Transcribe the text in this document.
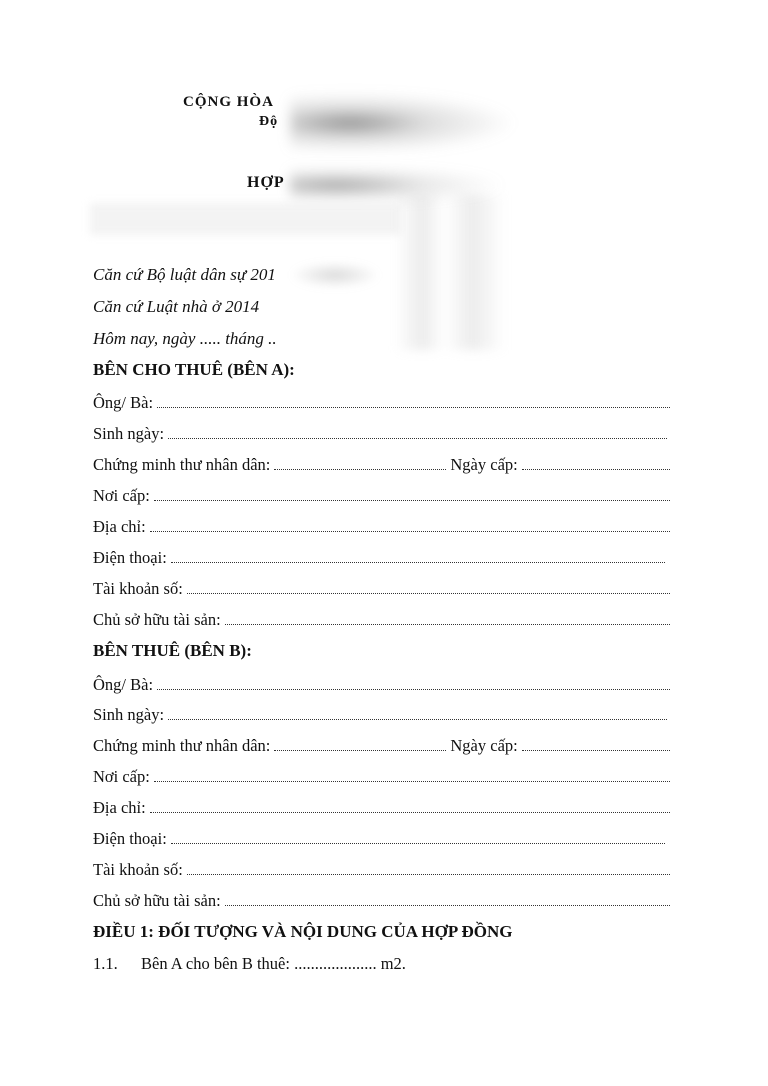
CỘNG HÒA
Độ
HỢP
Căn cứ Bộ luật dân sự 201
Căn cứ Luật nhà ở 2014
Hôm nay, ngày ..... tháng ..
BÊN CHO THUÊ (BÊN A):
Ông/ Bà:
Sinh ngày:
Chứng minh thư nhân dân:	Ngày cấp:
Nơi cấp:
Địa chỉ:
Điện thoại:
Tài khoản số:
Chủ sở hữu tài sản:
BÊN THUÊ (BÊN B):
Ông/ Bà:
Sinh ngày:
Chứng minh thư nhân dân:	Ngày cấp:
Nơi cấp:
Địa chỉ:
Điện thoại:
Tài khoản số:
Chủ sở hữu tài sản:
ĐIỀU 1: ĐỐI TƯỢNG VÀ NỘI DUNG CỦA HỢP ĐỒNG
1.1. Bên A cho bên B thuê: .................... m2.
